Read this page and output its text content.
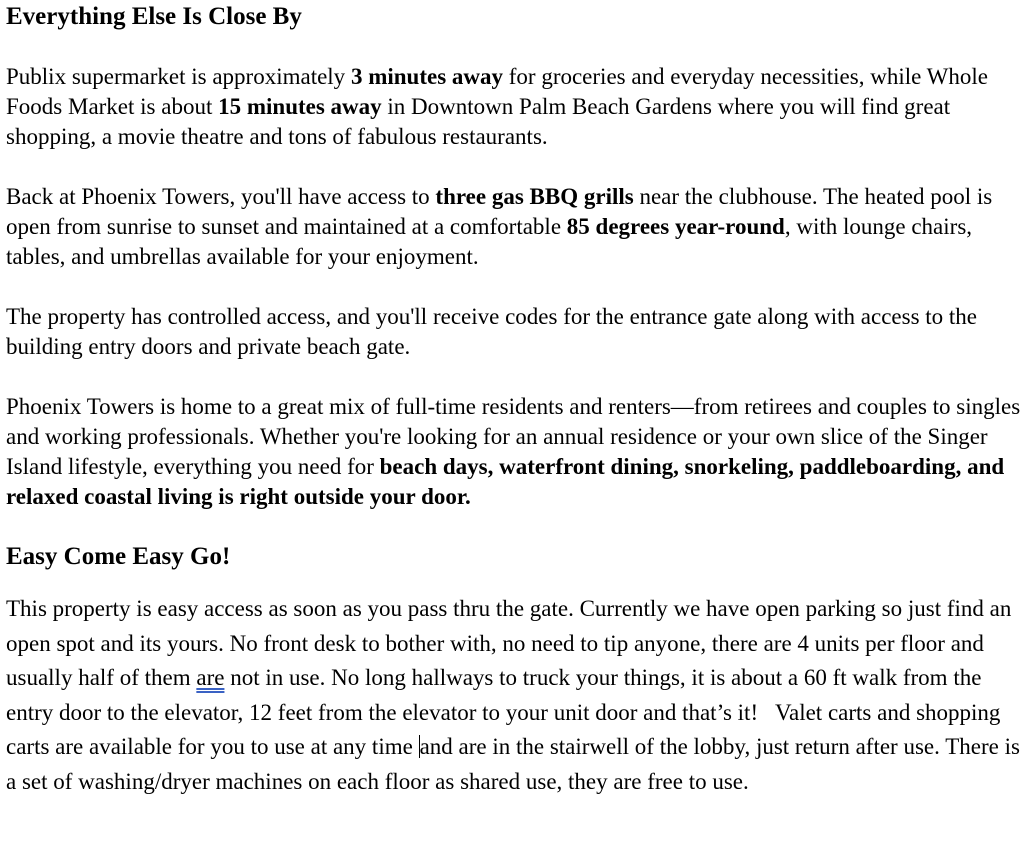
Everything Else Is Close By

Publix supermarket is approximately 3 minutes away for groceries and everyday necessities, while Whole Foods Market is about 15 minutes away in Downtown Palm Beach Gardens where you will find great shopping, a movie theatre and tons of fabulous restaurants.

Back at Phoenix Towers, you'll have access to three gas BBQ grills near the clubhouse. The heated pool is open from sunrise to sunset and maintained at a comfortable 85 degrees year-round, with lounge chairs, tables, and umbrellas available for your enjoyment.

The property has controlled access, and you'll receive codes for the entrance gate along with access to the building entry doors and private beach gate.

Phoenix Towers is home to a great mix of full-time residents and renters—from retirees and couples to singles and working professionals. Whether you're looking for an annual residence or your own slice of the Singer Island lifestyle, everything you need for beach days, waterfront dining, snorkeling, paddleboarding, and relaxed coastal living is right outside your door.

Easy Come Easy Go!

This property is easy access as soon as you pass thru the gate. Currently we have open parking so just find an open spot and its yours. No front desk to bother with, no need to tip anyone, there are 4 units per floor and usually half of them are not in use. No long hallways to truck your things, it is about a 60 ft walk from the entry door to the elevator, 12 feet from the elevator to your unit door and that’s it!   Valet carts and shopping carts are available for you to use at any time and are in the stairwell of the lobby, just return after use. There is a set of washing/dryer machines on each floor as shared use, they are free to use.
